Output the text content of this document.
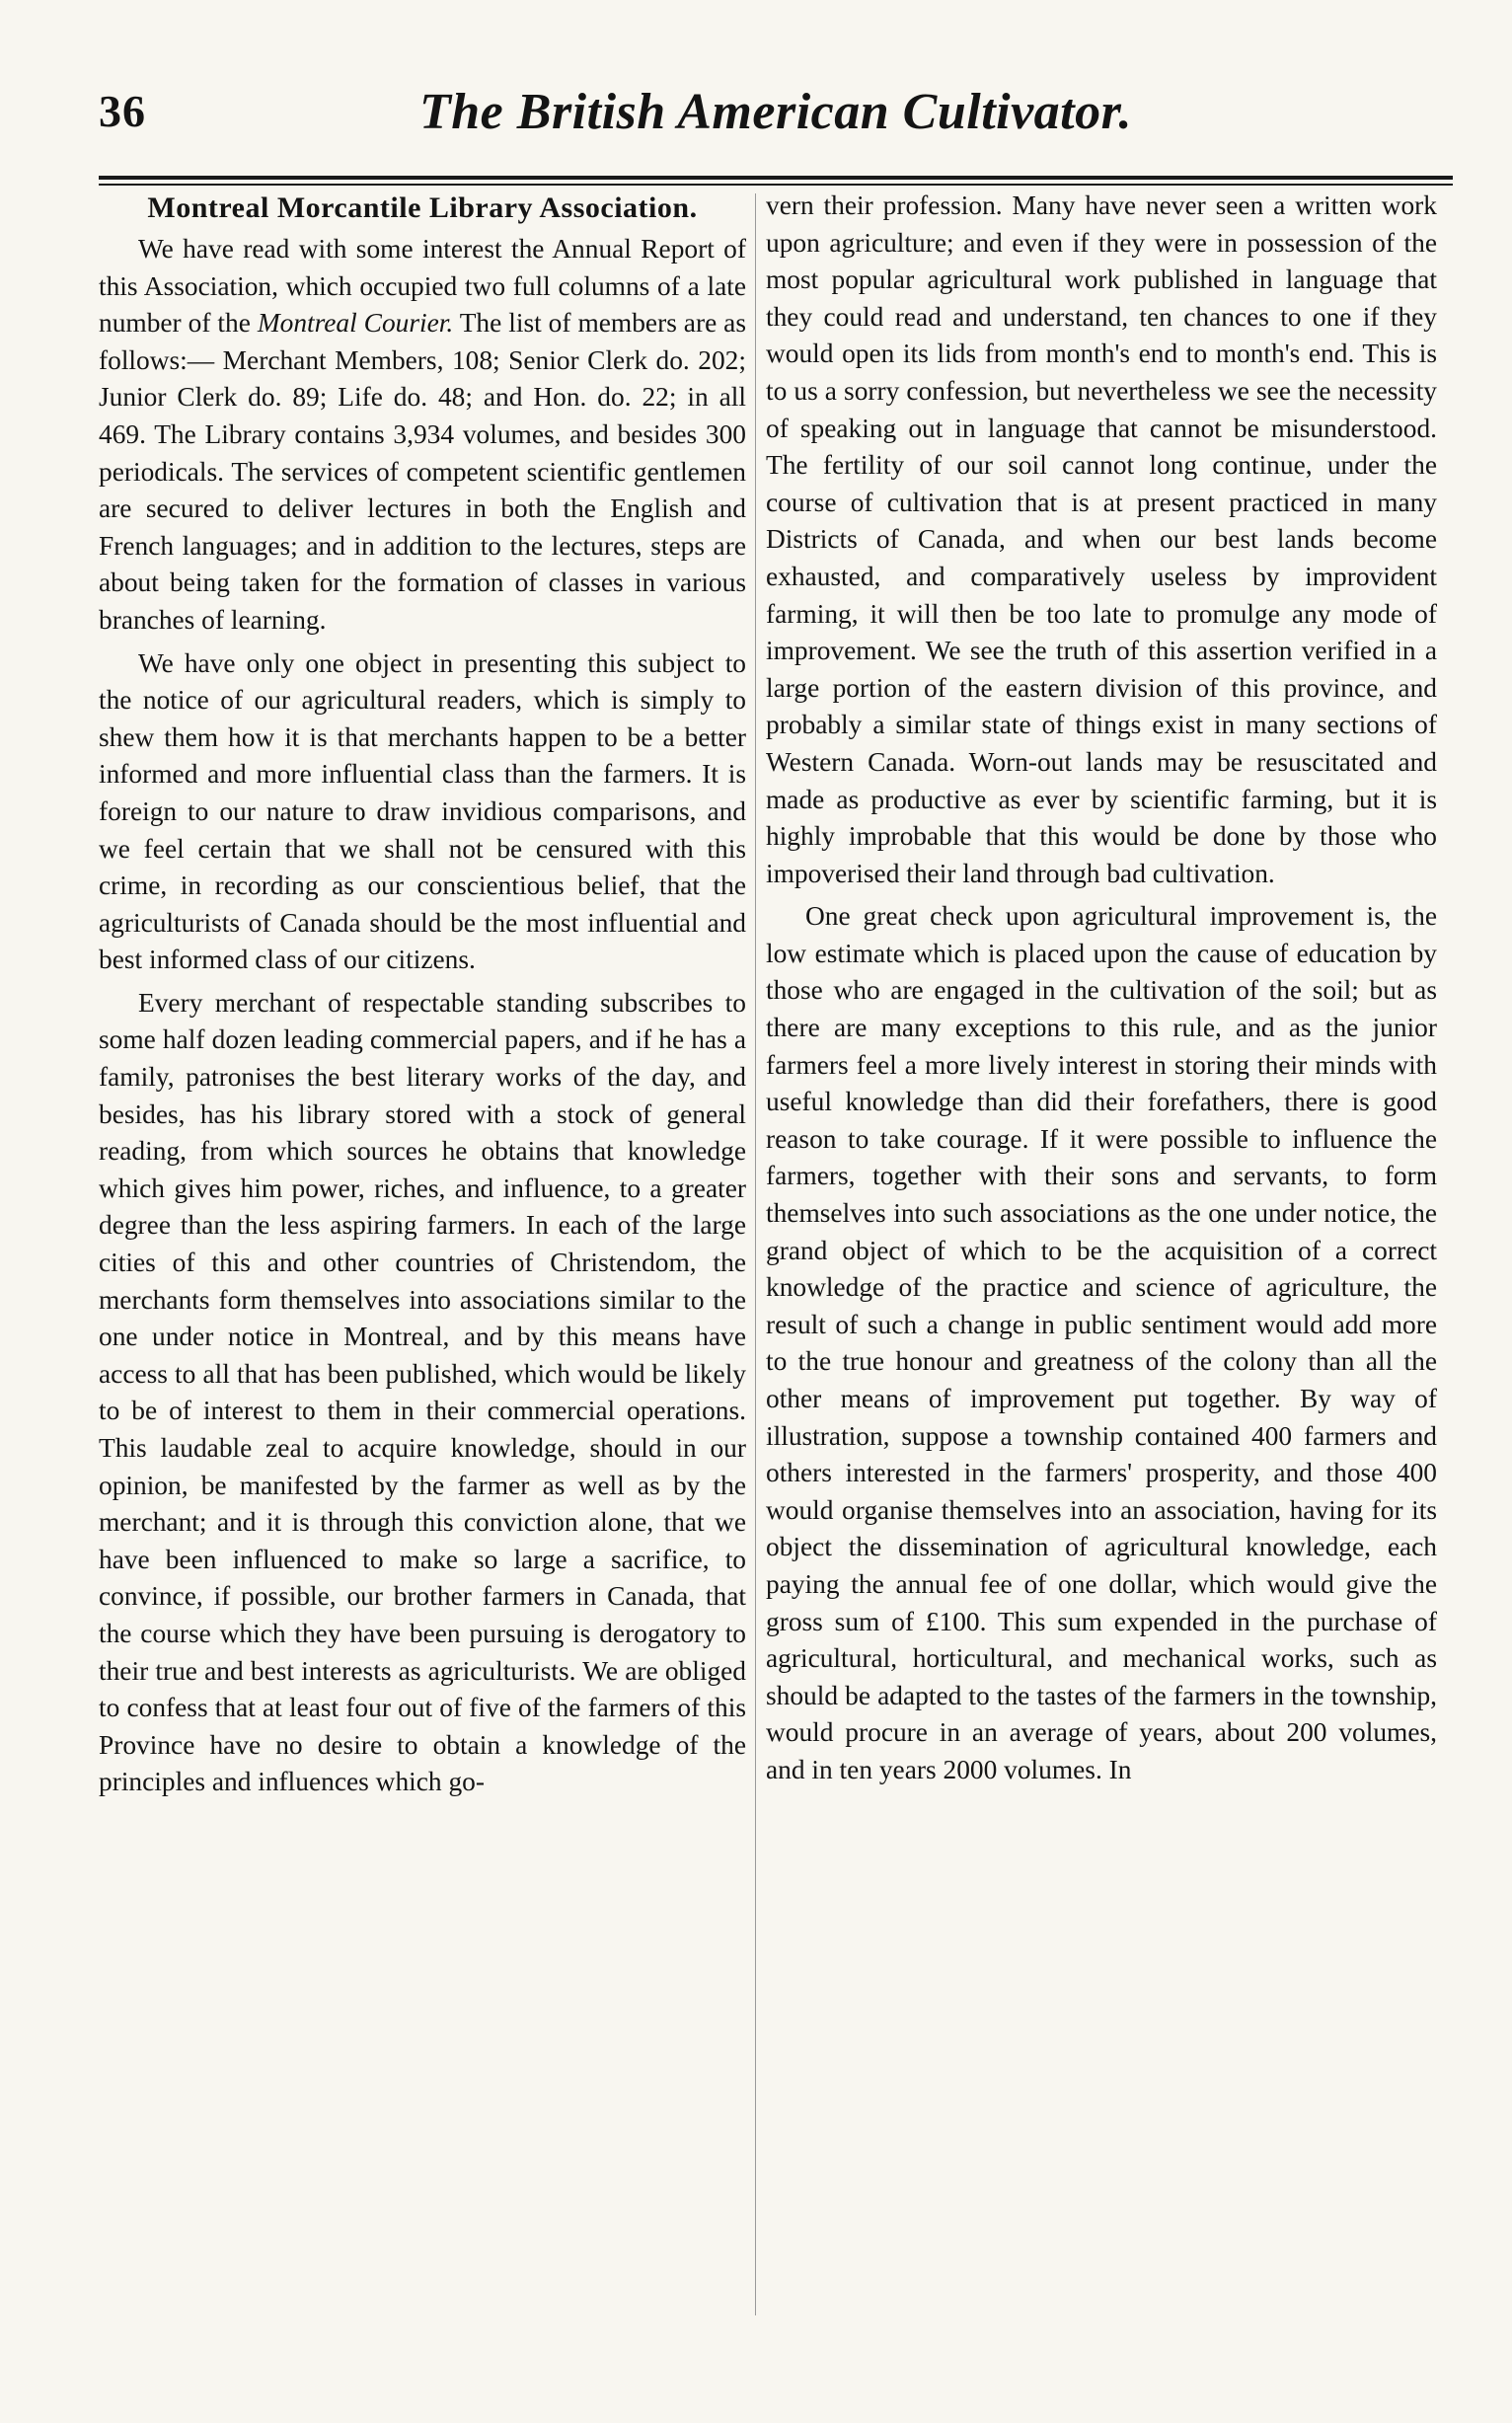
36	The British American Cultivator.
Montreal Morcantile Library Association.

We have read with some interest the Annual Report of this Association, which occupied two full columns of a late number of the Montreal Courier. The list of members are as follows:— Merchant Members, 108; Senior Clerk do. 202; Junior Clerk do. 89; Life do. 48; and Hon. do. 22; in all 469. The Library contains 3,934 volumes, and besides 300 periodicals. The services of competent scientific gentlemen are secured to deliver lectures in both the English and French languages; and in addition to the lectures, steps are about being taken for the formation of classes in various branches of learning.

We have only one object in presenting this subject to the notice of our agricultural readers, which is simply to shew them how it is that merchants happen to be a better informed and more influential class than the farmers. It is foreign to our nature to draw invidious comparisons, and we feel certain that we shall not be censured with this crime, in recording as our conscientious belief, that the agriculturists of Canada should be the most influential and best informed class of our citizens.

Every merchant of respectable standing subscribes to some half dozen leading commercial papers, and if he has a family, patronises the best literary works of the day, and besides, has his library stored with a stock of general reading, from which sources he obtains that knowledge which gives him power, riches, and influence, to a greater degree than the less aspiring farmers. In each of the large cities of this and other countries of Christendom, the merchants form themselves into associations similar to the one under notice in Montreal, and by this means have access to all that has been published, which would be likely to be of interest to them in their commercial operations. This laudable zeal to acquire knowledge, should in our opinion, be manifested by the farmer as well as by the merchant; and it is through this conviction alone, that we have been influenced to make so large a sacrifice, to convince, if possible, our brother farmers in Canada, that the course which they have been pursuing is derogatory to their true and best interests as agriculturists. We are obliged to confess that at least four out of five of the farmers of this Province have no desire to obtain a knowledge of the principles and influences which go-

vern their profession. Many have never seen a written work upon agriculture; and even if they were in possession of the most popular agricultural work published in language that they could read and understand, ten chances to one if they would open its lids from month's end to month's end. This is to us a sorry confession, but nevertheless we see the necessity of speaking out in language that cannot be misunderstood. The fertility of our soil cannot long continue, under the course of cultivation that is at present practiced in many Districts of Canada, and when our best lands become exhausted, and comparatively useless by improvident farming, it will then be too late to promulge any mode of improvement. We see the truth of this assertion verified in a large portion of the eastern division of this province, and probably a similar state of things exist in many sections of Western Canada. Worn-out lands may be resuscitated and made as productive as ever by scientific farming, but it is highly improbable that this would be done by those who impoverised their land through bad cultivation.

One great check upon agricultural improvement is, the low estimate which is placed upon the cause of education by those who are engaged in the cultivation of the soil; but as there are many exceptions to this rule, and as the junior farmers feel a more lively interest in storing their minds with useful knowledge than did their forefathers, there is good reason to take courage. If it were possible to influence the farmers, together with their sons and servants, to form themselves into such associations as the one under notice, the grand object of which to be the acquisition of a correct knowledge of the practice and science of agriculture, the result of such a change in public sentiment would add more to the true honour and greatness of the colony than all the other means of improvement put together. By way of illustration, suppose a township contained 400 farmers and others interested in the farmers' prosperity, and those 400 would organise themselves into an association, having for its object the dissemination of agricultural knowledge, each paying the annual fee of one dollar, which would give the gross sum of £100. This sum expended in the purchase of agricultural, horticultural, and mechanical works, such as should be adapted to the tastes of the farmers in the township, would procure in an average of years, about 200 volumes, and in ten years 2000 volumes. In
